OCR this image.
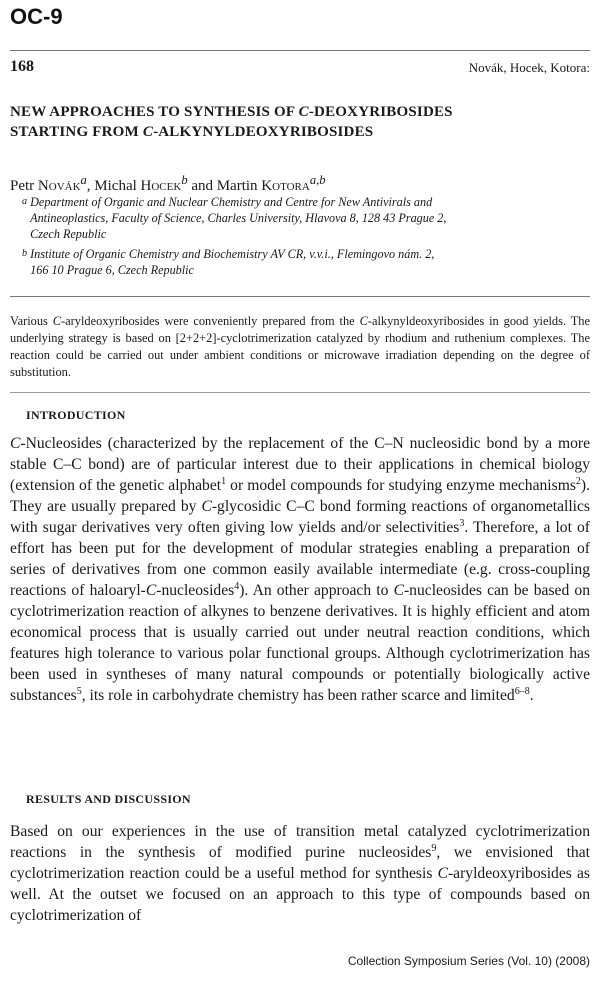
OC-9
168	Novák, Hocek, Kotora:
NEW APPROACHES TO SYNTHESIS OF C-DEOXYRIBOSIDES
STARTING FROM C-ALKYNYLDEOXYRIBOSIDES
Petr Novák$^a$, Michal Hocek$^b$ and Martin Kotora$^{a,b}$
$^a$ Department of Organic and Nuclear Chemistry and Centre for New Antivirals and
Antineoplastics, Faculty of Science, Charles University, Hlavova 8, 128 43 Prague 2,
Czech Republic
$^b$ Institute of Organic Chemistry and Biochemistry AV CR, v.v.i., Flemingovo nám. 2,
166 10 Prague 6, Czech Republic
Various C-aryldeoxyribosides were conveniently prepared from the C-alkynyldeoxyribosides in good yields. The underlying strategy is based on [2+2+2]-cyclotrimerization catalyzed by rhodium and ruthenium complexes. The reaction could be carried out under ambient conditions or microwave irradiation depending on the degree of substitution.
INTRODUCTION
C-Nucleosides (characterized by the replacement of the C–N nucleosidic bond by a more stable C–C bond) are of particular interest due to their applications in chemical biology (extension of the genetic alphabet$^1$ or model compounds for studying enzyme mechanisms$^2$). They are usually prepared by C-glycosidic C–C bond forming reactions of organometallics with sugar derivatives very often giving low yields and/or selectivities$^3$. Therefore, a lot of effort has been put for the development of modular strategies enabling a preparation of series of derivatives from one common easily available intermediate (e.g. cross-coupling reactions of haloaryl-C-nucleosides$^4$). An other approach to C-nucleosides can be based on cyclotrimerization reaction of alkynes to benzene derivatives. It is highly efficient and atom economical process that is usually carried out under neutral reaction conditions, which features high tolerance to various polar functional groups. Although cyclotrimerization has been used in syntheses of many natural compounds or potentially biologically active substances$^5$, its role in carbohydrate chemistry has been rather scarce and limited$^{6-8}$.
RESULTS AND DISCUSSION
Based on our experiences in the use of transition metal catalyzed cyclotrimerization reactions in the synthesis of modified purine nucleosides$^9$, we envisioned that cyclotrimerization reaction could be a useful method for synthesis C-aryldeoxyribosides as well. At the outset we focused on an approach to this type of compounds based on cyclotrimerization of
Collection Symposium Series (Vol. 10) (2008)
